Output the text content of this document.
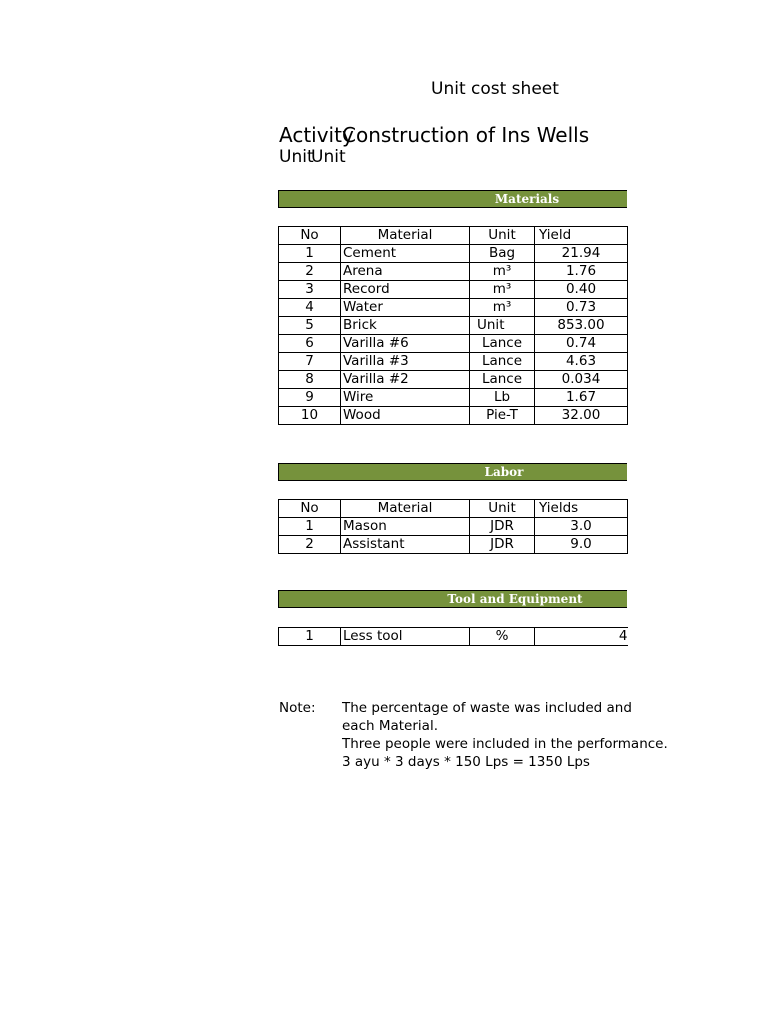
Unit cost sheet
Activity
Construction of Ins Wells
Unit
Unit
Materials
No	Material	Unit	Yield
1	Cement	Bag	21.94
2	Arena	m³	1.76
3	Record	m³	0.40
4	Water	m³	0.73
5	Brick	Unit	853.00
6	Varilla #6	Lance	0.74
7	Varilla #3	Lance	4.63
8	Varilla #2	Lance	0.034
9	Wire	Lb	1.67
10	Wood	Pie-T	32.00
Labor
No	Material	Unit	Yields
1	Mason	JDR	3.0
2	Assistant	JDR	9.0
Tool and Equipment
1	Less tool	%	4
Note: The percentage of waste was included and
each Material.
Three people were included in the performance.
3 ayu * 3 days * 150 Lps = 1350 Lps
